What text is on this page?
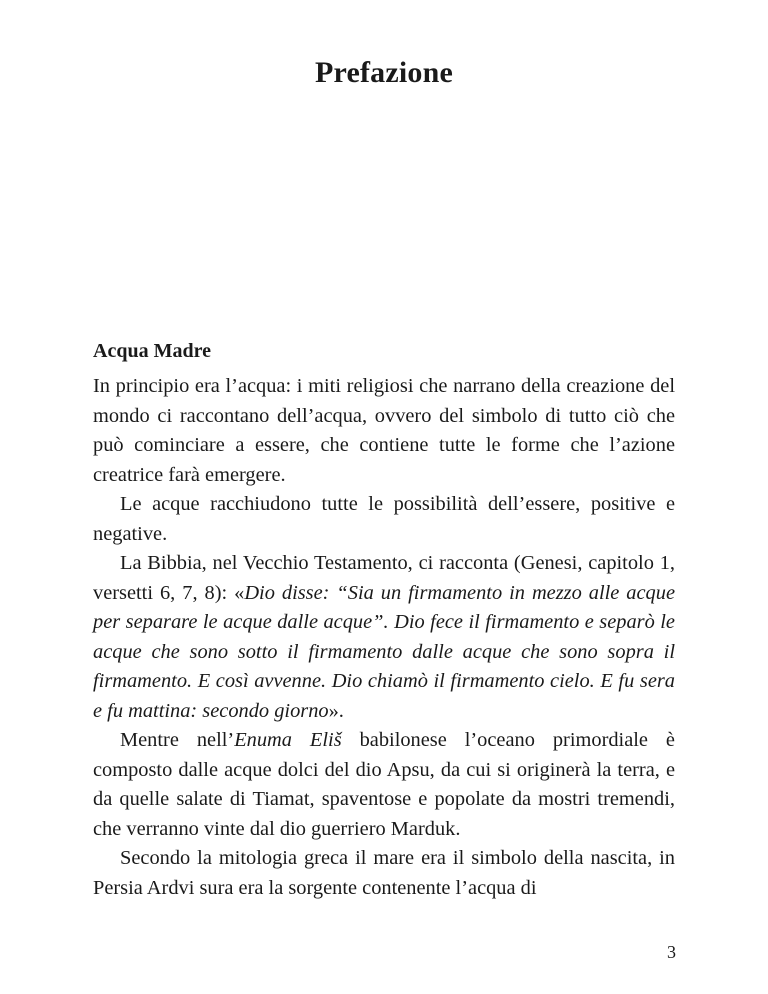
Prefazione
Acqua Madre

In principio era l’acqua: i miti religiosi che narrano della creazione del mondo ci raccontano dell’acqua, ovvero del simbolo di tutto ciò che può cominciare a essere, che contiene tutte le forme che l’azione creatrice farà emergere.

Le acque racchiudono tutte le possibilità dell’essere, positive e negative.

La Bibbia, nel Vecchio Testamento, ci racconta (Genesi, capitolo 1, versetti 6, 7, 8): «Dio disse: “Sia un firmamento in mezzo alle acque per separare le acque dalle acque”. Dio fece il firmamento e separò le acque che sono sotto il firmamento dalle acque che sono sopra il firmamento. E così avvenne. Dio chiamò il firmamento cielo. E fu sera e fu mattina: secondo giorno».

Mentre nell’Enuma Eliš babilonese l’oceano primordiale è composto dalle acque dolci del dio Apsu, da cui si originerà la terra, e da quelle salate di Tiamat, spaventose e popolate da mostri tremendi, che verranno vinte dal dio guerriero Marduk.

Secondo la mitologia greca il mare era il simbolo della nascita, in Persia Ardvi sura era la sorgente contenente l’acqua di

3
